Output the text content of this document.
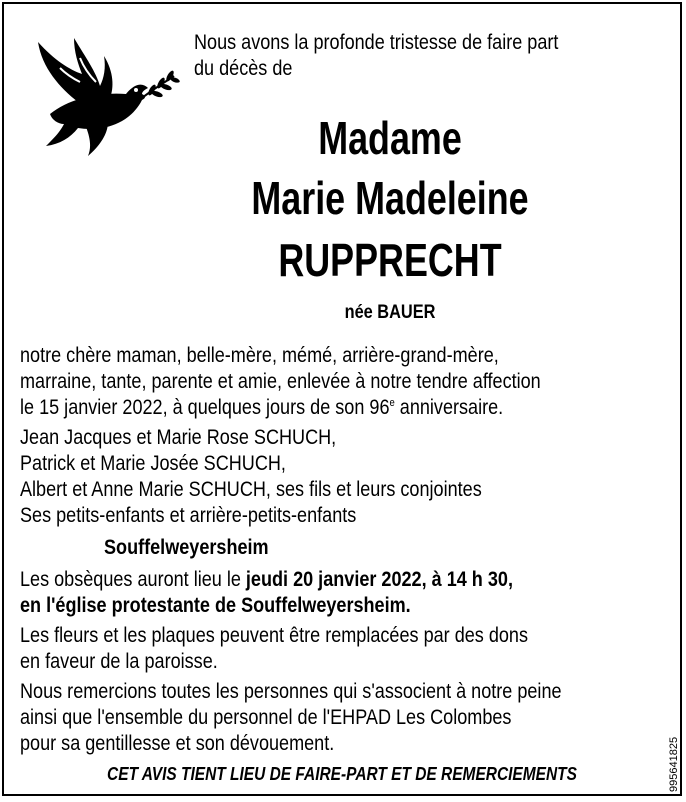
Nous avons la profonde tristesse de faire part
du décès de
Madame
Marie Madeleine
RUPPRECHT
née BAUER
notre chère maman, belle-mère, mémé, arrière-grand-mère,
marraine, tante, parente et amie, enlevée à notre tendre affection
le 15 janvier 2022, à quelques jours de son 96e anniversaire.
Jean Jacques et Marie Rose SCHUCH,
Patrick et Marie Josée SCHUCH,
Albert et Anne Marie SCHUCH, ses fils et leurs conjointes
Ses petits-enfants et arrière-petits-enfants
Souffelweyersheim
Les obsèques auront lieu le jeudi 20 janvier 2022, à 14 h 30,
en l'église protestante de Souffelweyersheim.
Les fleurs et les plaques peuvent être remplacées par des dons
en faveur de la paroisse.
Nous remercions toutes les personnes qui s'associent à notre peine
ainsi que l'ensemble du personnel de l'EHPAD Les Colombes
pour sa gentillesse et son dévouement.
CET AVIS TIENT LIEU DE FAIRE-PART ET DE REMERCIEMENTS	995641825
